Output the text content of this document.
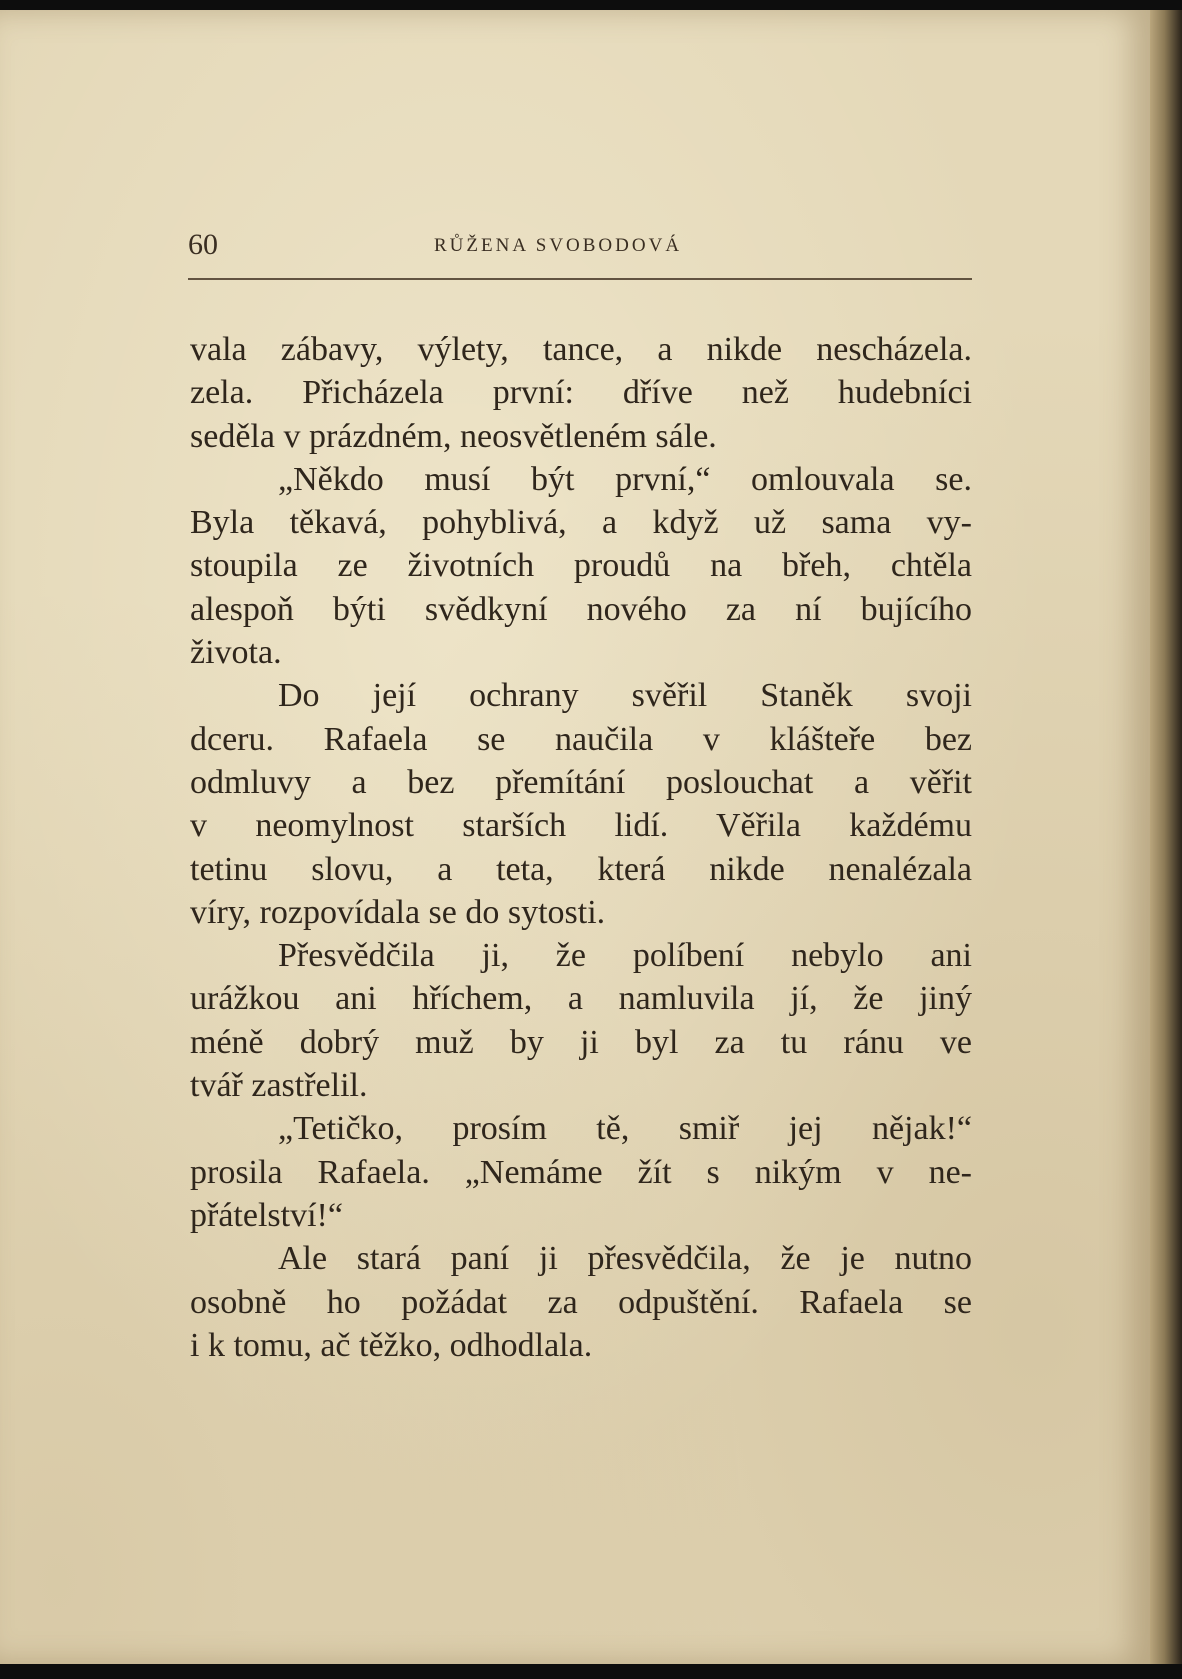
60	RŮŽENA SVOBODOVÁ

vala zábavy, výlety, tance, a nikde nescházela.
zela. Přicházela první: dříve než hudebníci
seděla v prázdném, neosvětleném sále.

„Někdo musí být první,“ omlouvala se.
Byla těkavá, pohyblivá, a když už sama vy-
stoupila ze životních proudů na břeh, chtěla
alespoň býti svědkyní nového za ní bujícího
života.

Do její ochrany svěřil Staněk svoji
dceru. Rafaela se naučila v klášteře bez
odmluvy a bez přemítání poslouchat a věřit
v neomylnost starších lidí. Věřila každému
tetinu slovu, a teta, která nikde nenalézala
víry, rozpovídala se do sytosti.

Přesvědčila ji, že políbení nebylo ani
urážkou ani hříchem, a namluvila jí, že jiný
méně dobrý muž by ji byl za tu ránu ve
tvář zastřelil.

„Tetičko, prosím tě, smiř jej nějak!“
prosila Rafaela. „Nemáme žít s nikým v ne-
přátelství!“

Ale stará paní ji přesvědčila, že je nutno
osobně ho požádat za odpuštění. Rafaela se
i k tomu, ač těžko, odhodlala.
